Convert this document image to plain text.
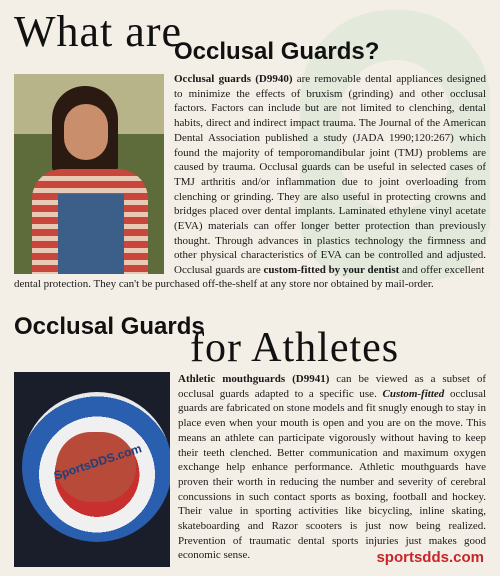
What are
Occlusal Guards?
Occlusal guards (D9940) are removable dental appliances designed to minimize the effects of bruxism (grinding) and other occlusal factors. Factors can include but are not limited to clenching, dental habits, direct and indirect impact trauma. The Journal of the American Dental Association published a study (JADA 1990;120:267) which found the majority of temporomandibular joint (TMJ) problems are caused by trauma. Occlusal guards can be useful in selected cases of TMJ arthritis and/or inflammation due to joint overloading from clenching or grinding. They are also useful in protecting crowns and bridges placed over dental implants. Laminated ethylene vinyl acetate (EVA) materials can offer longer better protection than previously thought. Through advances in plastics technology the firmness and other physical characteristics of EVA can be controlled and adjusted. Occlusal guards are custom-fitted by your dentist and offer excellent
dental protection. They can't be purchased off-the-shelf at any store nor obtained by mail-order.
Occlusal Guards
for Athletes
SportsDDS.com
Athletic mouthguards (D9941) can be viewed as a subset of occlusal guards adapted to a specific use. Custom-fitted occlusal guards are fabricated on stone models and fit snugly enough to stay in place even when your mouth is open and you are on the move. This means an athlete can participate vigorously without having to keep their teeth clenched. Better communication and maximum oxygen exchange help enhance performance. Athletic mouthguards have proven their worth in reducing the number and severity of cerebral concussions in such contact sports as boxing, football and hockey. Their value in sporting activities like bicycling, inline skating, skateboarding and Razor scooters is just now being realized. Prevention of traumatic dental sports injuries just makes good economic sense.	sportsdds.com
